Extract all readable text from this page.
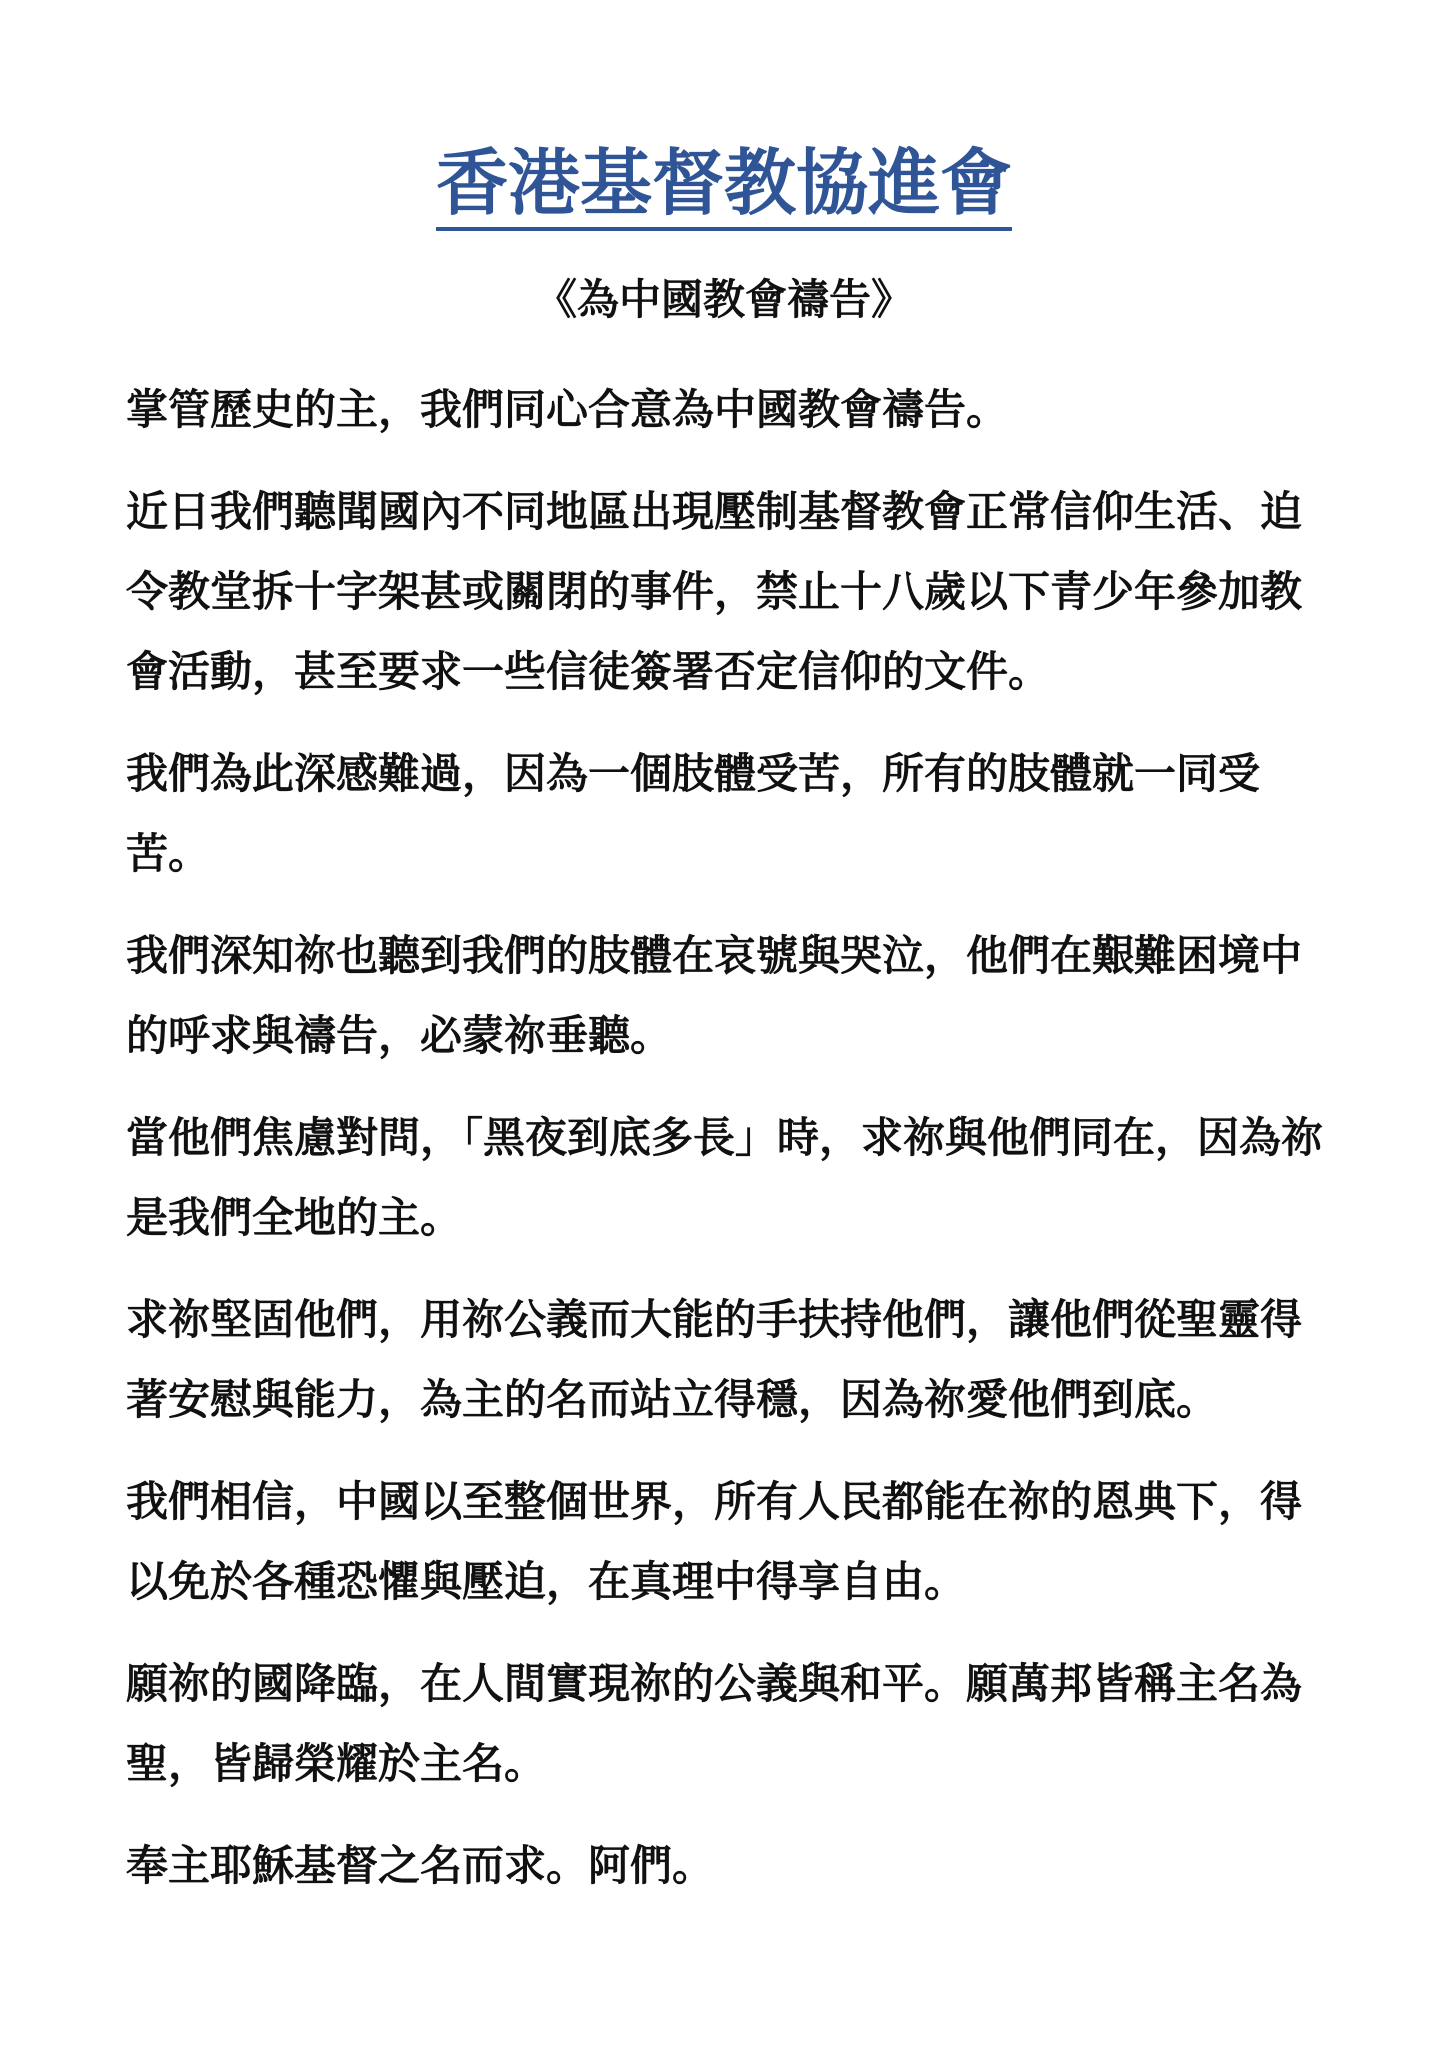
香港基督教協進會
《為中國教會禱告》

掌管歷史的主，我們同心合意為中國教會禱告。

近日我們聽聞國內不同地區出現壓制基督教會正常信仰生活、迫令教堂拆十字架甚或關閉的事件，禁止十八歲以下青少年參加教會活動，甚至要求一些信徒簽署否定信仰的文件。

我們為此深感難過，因為一個肢體受苦，所有的肢體就一同受苦。

我們深知祢也聽到我們的肢體在哀號與哭泣，他們在艱難困境中的呼求與禱告，必蒙祢垂聽。

當他們焦慮對問，「黑夜到底多長」時，求祢與他們同在，因為祢是我們全地的主。

求祢堅固他們，用祢公義而大能的手扶持他們，讓他們從聖靈得著安慰與能力，為主的名而站立得穩，因為祢愛他們到底。

我們相信，中國以至整個世界，所有人民都能在祢的恩典下，得以免於各種恐懼與壓迫，在真理中得享自由。

願祢的國降臨，在人間實現祢的公義與和平。願萬邦皆稱主名為聖，皆歸榮耀於主名。

奉主耶穌基督之名而求。阿們。
